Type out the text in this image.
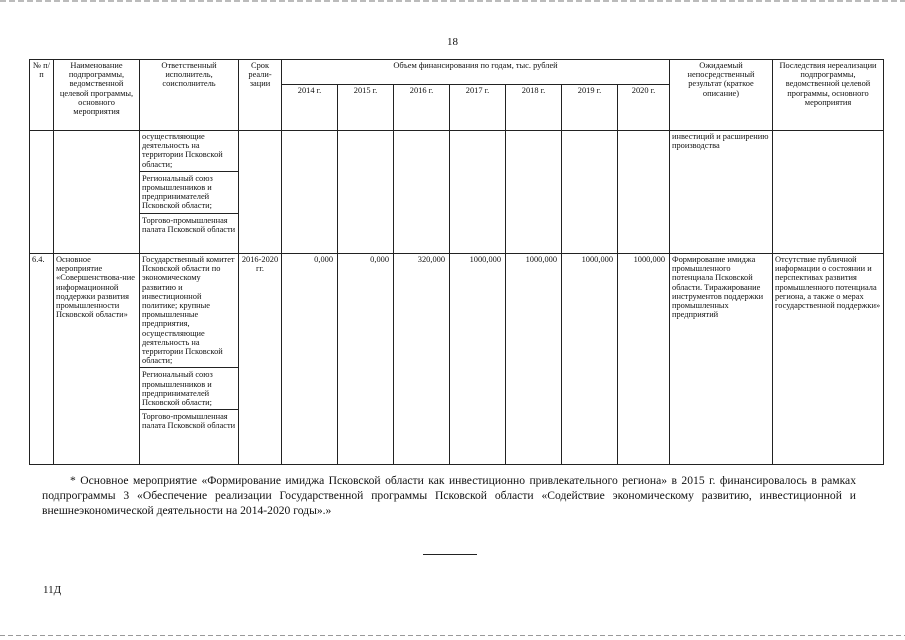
18
№ п/п	Наименование подпрограммы, ведомственной целевой программы, основного мероприятия	Ответственный исполнитель, соисполнитель	Срок реали-зации	Объем финансирования по годам, тыс. рублей							Ожидаемый непосредственный результат (краткое описание)	Последствия нереализации подпрограммы, ведомственной целевой программы, основного мероприятия
				2014 г.	2015 г.	2016 г.	2017 г.	2018 г.	2019 г.	2020 г.		

		осуществляющие деятельность на территории Псковской области;
Региональный союз промышленников и предпринимателей Псковской области;
Торгово-промышленная палата Псковской области									инвестиций и расширению производства	
6.4.	Основное мероприятие «Совершенствова-ние информационной поддержки развития промышленности Псковской области»	Государственный комитет Псковской области по экономическому развитию и инвестиционной политике; крупные промышленные предприятия, осуществляющие деятельность на территории Псковской области;
Региональный союз промышленников и предпринимателей Псковской области;
Торгово-промышленная палата Псковской области	2016-2020 гг.	0,000	0,000	320,000	1000,000	1000,000	1000,000	1000,000	Формирование имиджа промышленного потенциала Псковской области. Тиражирование инструментов поддержки промышленных предприятий	Отсутствие публичной информации о состоянии и перспективах развития промышленного потенциала региона, а также о мерах государственной поддержки»
* Основное мероприятие «Формирование имиджа Псковской области как инвестиционно привлекательного региона» в 2015 г. финансировалось в рамках подпрограммы 3 «Обеспечение реализации Государственной программы Псковской области «Содействие экономическому развитию, инвестиционной и внешнеэкономической деятельности на 2014-2020 годы».»
11Д
